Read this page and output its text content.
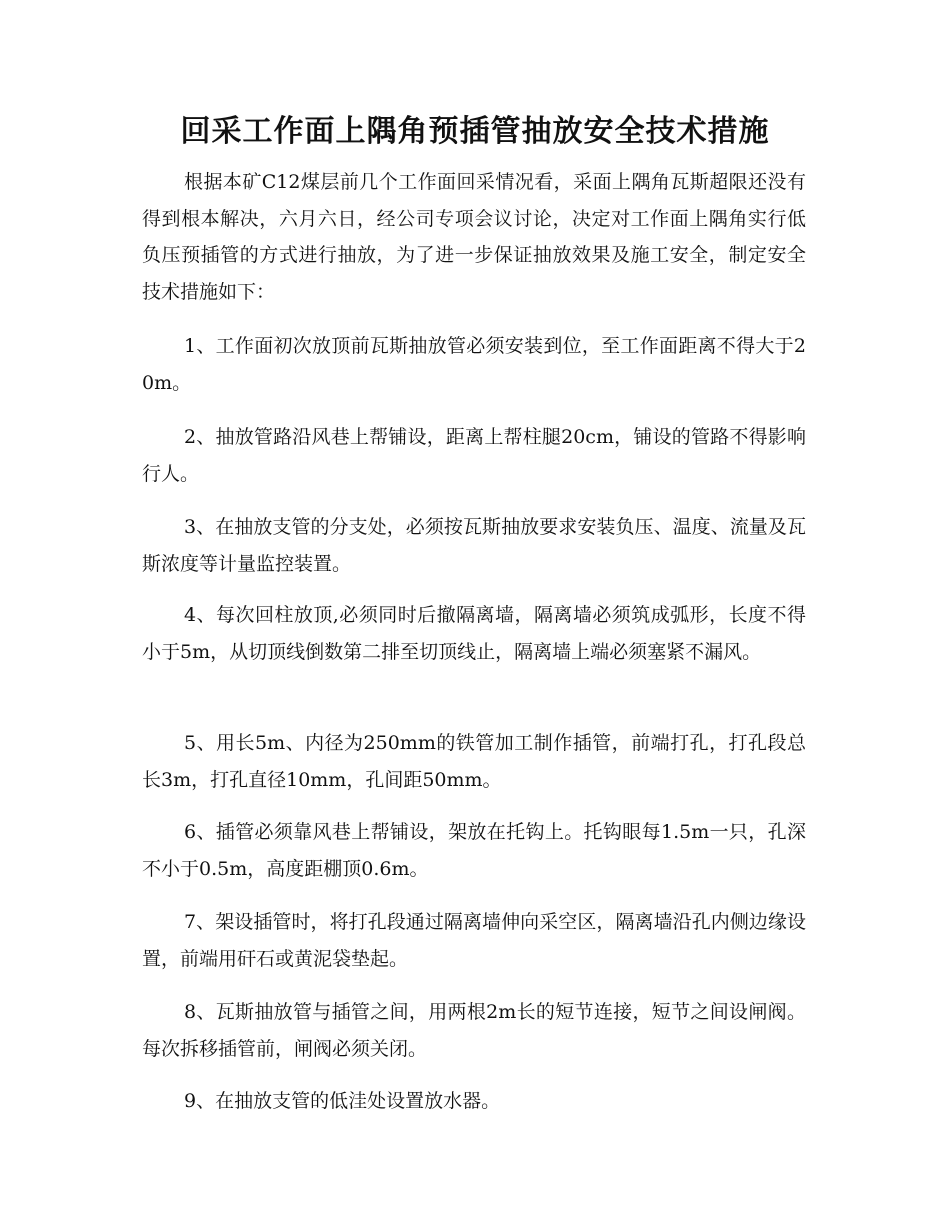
回采工作面上隅角预插管抽放安全技术措施

根据本矿C12煤层前几个工作面回采情况看，采面上隅角瓦斯超限还没有得到根本解决，六月六日，经公司专项会议讨论，决定对工作面上隅角实行低负压预插管的方式进行抽放，为了进一步保证抽放效果及施工安全，制定安全技术措施如下：

1、工作面初次放顶前瓦斯抽放管必须安装到位，至工作面距离不得大于20m。

2、抽放管路沿风巷上帮铺设，距离上帮柱腿20cm，铺设的管路不得影响行人。

3、在抽放支管的分支处，必须按瓦斯抽放要求安装负压、温度、流量及瓦斯浓度等计量监控装置。

4、每次回柱放顶,必须同时后撤隔离墙，隔离墙必须筑成弧形，长度不得小于5m，从切顶线倒数第二排至切顶线止，隔离墙上端必须塞紧不漏风。

5、用长5m、内径为250mm的铁管加工制作插管，前端打孔，打孔段总长3m，打孔直径10mm，孔间距50mm。

6、插管必须靠风巷上帮铺设，架放在托钩上。托钩眼每1.5m一只，孔深不小于0.5m，高度距棚顶0.6m。

7、架设插管时，将打孔段通过隔离墙伸向采空区，隔离墙沿孔内侧边缘设置，前端用矸石或黄泥袋垫起。

8、瓦斯抽放管与插管之间，用两根2m长的短节连接，短节之间设闸阀。每次拆移插管前，闸阀必须关闭。

9、在抽放支管的低洼处设置放水器。
